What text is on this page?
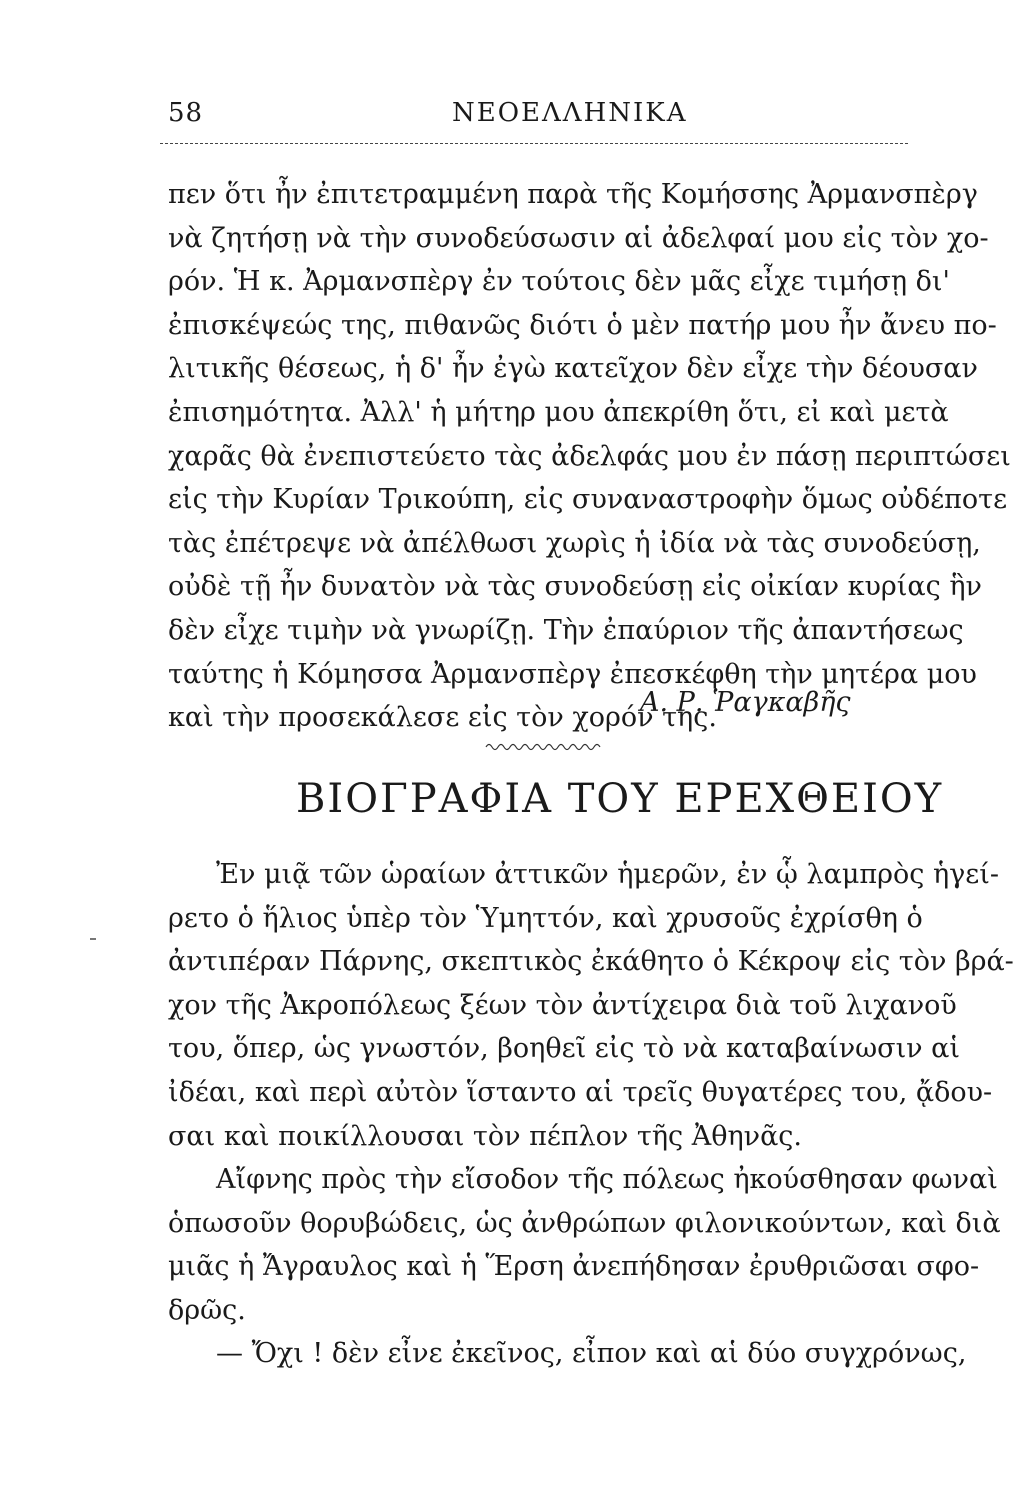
58	ΝΕΟΕΛΛΗΝΙΚΑ

πεν ὅτι ἦν ἐπιτετραμμένη παρὰ τῆς Κομήσσης Ἀρμανσπὲργ
νὰ ζητήσῃ νὰ τὴν συνοδεύσωσιν αἱ ἀδελφαί μου εἰς τὸν χο-
ρόν. Ἡ κ. Ἀρμανσπὲργ ἐν τούτοις δὲν μᾶς εἶχε τιμήσῃ δι'
ἐπισκέψεώς της, πιθανῶς διότι ὁ μὲν πατήρ μου ἦν ἄνευ πο-
λιτικῆς θέσεως, ἡ δ' ἦν ἐγὼ κατεῖχον δὲν εἶχε τὴν δέουσαν
ἐπισημότητα. Ἀλλ' ἡ μήτηρ μου ἀπεκρίθη ὅτι, εἰ καὶ μετὰ
χαρᾶς θὰ ἐνεπιστεύετο τὰς ἀδελφάς μου ἐν πάσῃ περιπτώσει
εἰς τὴν Κυρίαν Τρικούπη, εἰς συναναστροφὴν ὅμως οὐδέποτε
τὰς ἐπέτρεψε νὰ ἀπέλθωσι χωρὶς ἡ ἰδία νὰ τὰς συνοδεύσῃ,
οὐδὲ τῇ ἦν δυνατὸν νὰ τὰς συνοδεύσῃ εἰς οἰκίαν κυρίας ἣν
δὲν εἶχε τιμὴν νὰ γνωρίζῃ. Τὴν ἐπαύριον τῆς ἀπαντήσεως
ταύτης ἡ Κόμησσα Ἀρμανσπὲργ ἐπεσκέφθη τὴν μητέρα μου
καὶ τὴν προσεκάλεσε εἰς τὸν χορόν της.

Α. Ρ. Ῥαγκαβῆς
ΒΙΟΓΡΑΦΙΑ ΤΟΥ ΕΡΕΧΘΕΙΟΥ

Ἐν μιᾷ τῶν ὡραίων ἀττικῶν ἡμερῶν, ἐν ᾧ λαμπρὸς ἡγεί-
ρετο ὁ ἥλιος ὑπὲρ τὸν Ὑμηττόν, καὶ χρυσοῦς ἐχρίσθη ὁ
ἀντιπέραν Πάρνης, σκεπτικὸς ἐκάθητο ὁ Κέκροψ εἰς τὸν βρά-
χον τῆς Ἀκροπόλεως ξέων τὸν ἀντίχειρα διὰ τοῦ λιχανοῦ
του, ὅπερ, ὡς γνωστόν, βοηθεῖ εἰς τὸ νὰ καταβαίνωσιν αἱ
ἰδέαι, καὶ περὶ αὐτὸν ἵσταντο αἱ τρεῖς θυγατέρες του, ᾄδου-
σαι καὶ ποικίλλουσαι τὸν πέπλον τῆς Ἀθηνᾶς.

Αἴφνης πρὸς τὴν εἴσοδον τῆς πόλεως ἠκούσθησαν φωναὶ
ὁπωσοῦν θορυβώδεις, ὡς ἀνθρώπων φιλονικούντων, καὶ διὰ
μιᾶς ἡ Ἄγραυλος καὶ ἡ Ἕρση ἀνεπήδησαν ἐρυθριῶσαι σφο-
δρῶς.

— Ὄχι ! δὲν εἶνε ἐκεῖνος, εἶπον καὶ αἱ δύο συγχρόνως,
